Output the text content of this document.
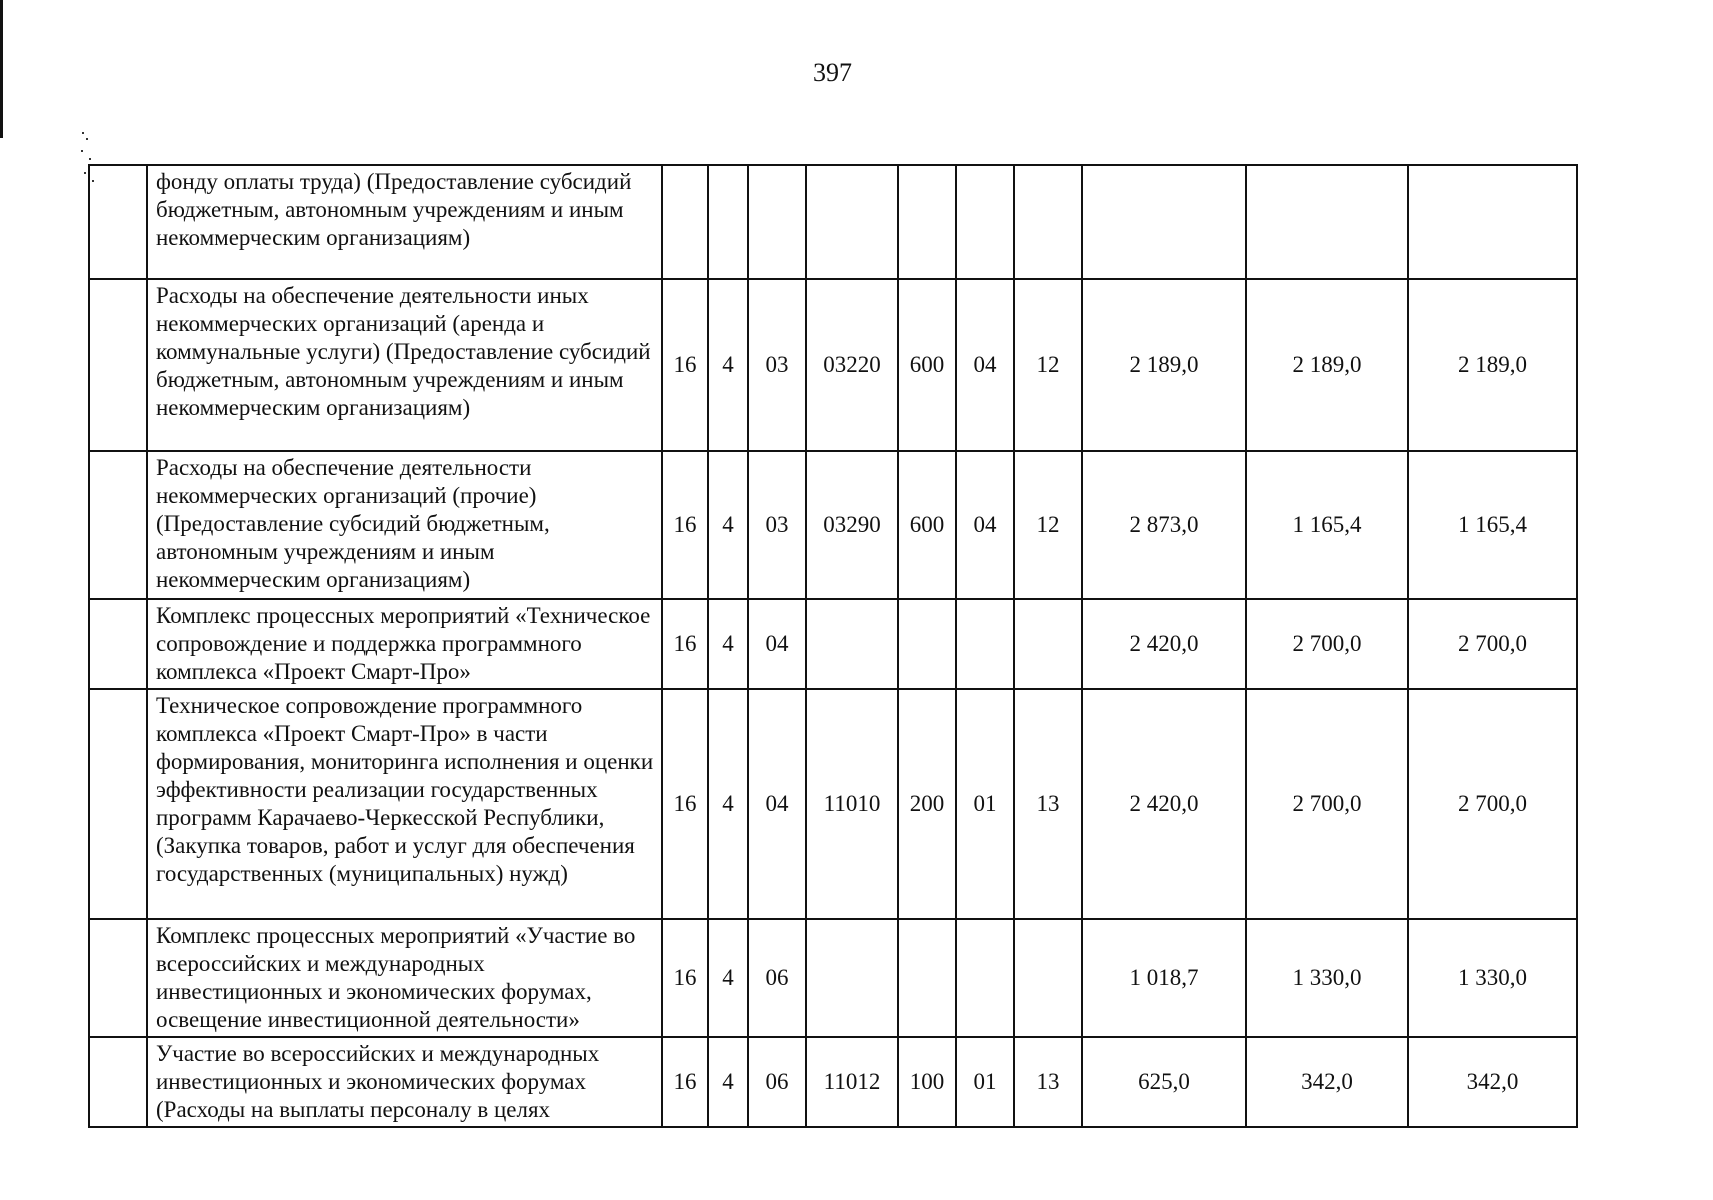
397
	фонду оплаты труда) (Предоставление субсидий бюджетным, автономным учреждениям и иным некоммерческим организациям)										
	Расходы на обеспечение деятельности иных некоммерческих организаций (аренда и коммунальные услуги) (Предоставление субсидий бюджетным, автономным учреждениям и иным некоммерческим организациям)	16	4	03	03220	600	04	12	2 189,0	2 189,0	2 189,0
	Расходы на обеспечение деятельности некоммерческих организаций (прочие) (Предоставление субсидий бюджетным, автономным учреждениям и иным некоммерческим организациям)	16	4	03	03290	600	04	12	2 873,0	1 165,4	1 165,4
	Комплекс процессных мероприятий «Техническое сопровождение и поддержка программного комплекса «Проект Смарт-Про»	16	4	04					2 420,0	2 700,0	2 700,0
	Техническое сопровождение программного комплекса «Проект Смарт-Про» в части формирования, мониторинга исполнения и оценки эффективности реализации государственных программ Карачаево-Черкесской Республики, (Закупка товаров, работ и услуг для обеспечения государственных (муниципальных) нужд)	16	4	04	11010	200	01	13	2 420,0	2 700,0	2 700,0
	Комплекс процессных мероприятий «Участие во всероссийских и международных инвестиционных и экономических форумах, освещение инвестиционной деятельности»	16	4	06					1 018,7	1 330,0	1 330,0
	Участие во всероссийских и международных инвестиционных и экономических форумах (Расходы на выплаты персоналу в целях	16	4	06	11012	100	01	13	625,0	342,0	342,0
